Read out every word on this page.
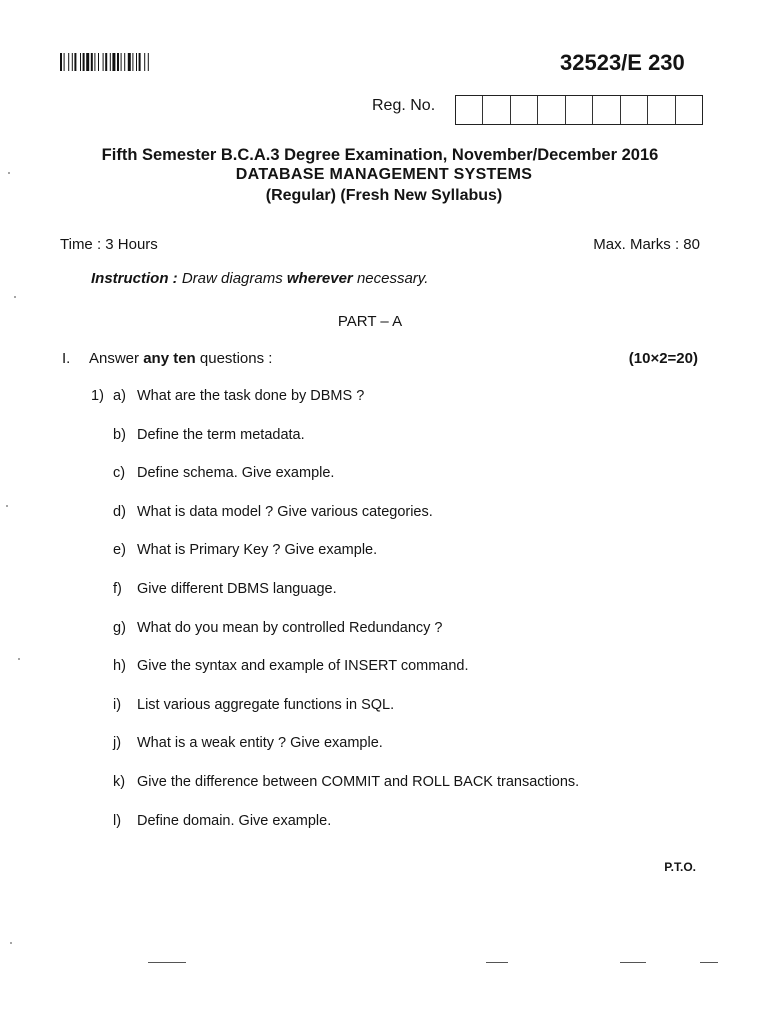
32523/E 230
Reg. No.
Fifth Semester B.C.A.3 Degree Examination, November/December 2016
DATABASE MANAGEMENT SYSTEMS
(Regular) (Fresh New Syllabus)
Time : 3 Hours	Max. Marks : 80
Instruction : Draw diagrams wherever necessary.
PART – A
I. Answer any ten questions :	(10×2=20)
1) a) What are the task done by DBMS ?
b) Define the term metadata.
c) Define schema. Give example.
d) What is data model ? Give various categories.
e) What is Primary Key ? Give example.
f) Give different DBMS language.
g) What do you mean by controlled Redundancy ?
h) Give the syntax and example of INSERT command.
i) List various aggregate functions in SQL.
j) What is a weak entity ? Give example.
k) Give the difference between COMMIT and ROLL BACK transactions.
l) Define domain. Give example.
P.T.O.
